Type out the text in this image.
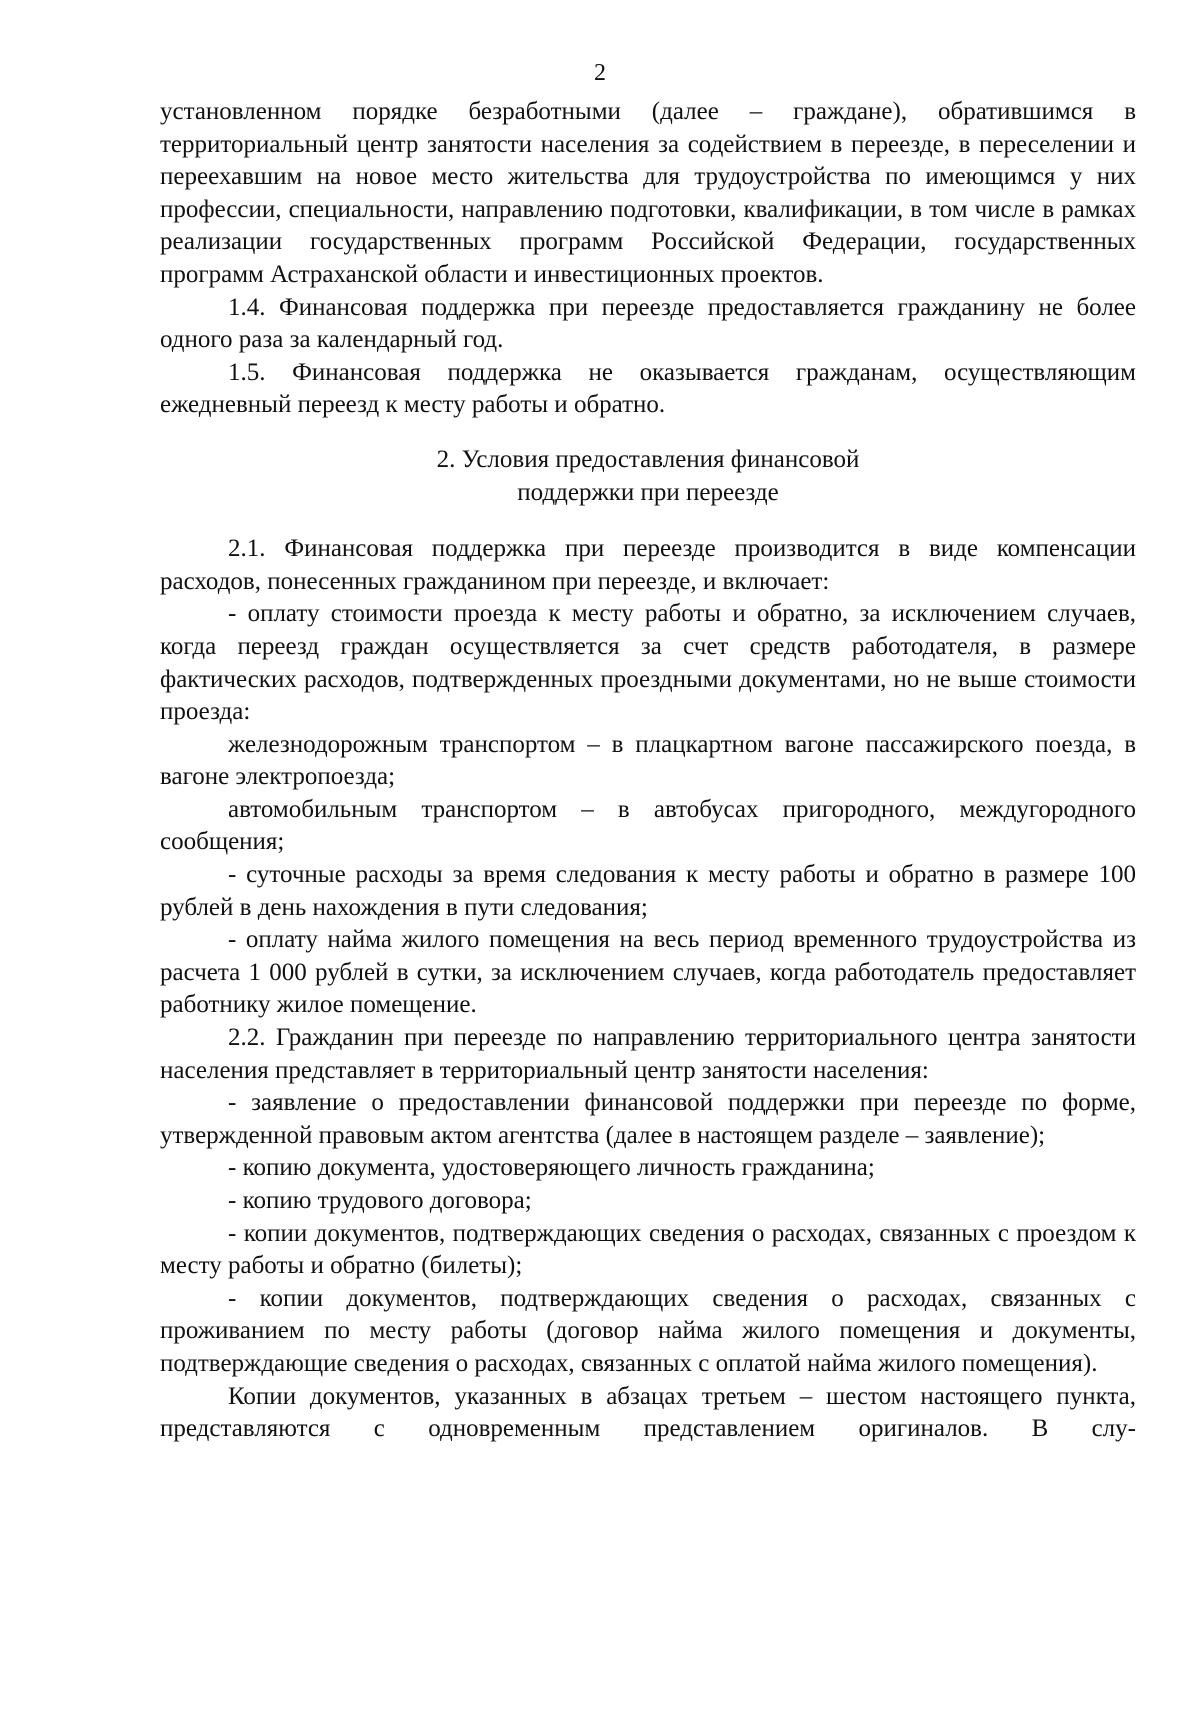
2

установленном порядке безработными (далее – граждане), обратившимся в территориальный центр занятости населения за содействием в переезде, в переселении и переехавшим на новое место жительства для трудоустройства по имеющимся у них профессии, специальности, направлению подготовки, квалификации, в том числе в рамках реализации государственных программ Российской Федерации, государственных программ Астраханской области и инвестиционных проектов.

1.4. Финансовая поддержка при переезде предоставляется гражданину не более одного раза за календарный год.

1.5. Финансовая поддержка не оказывается гражданам, осуществляющим ежедневный переезд к месту работы и обратно.

2. Условия предоставления финансовой
поддержки при переезде

2.1. Финансовая поддержка при переезде производится в виде компенсации расходов, понесенных гражданином при переезде, и включает:

- оплату стоимости проезда к месту работы и обратно, за исключением случаев, когда переезд граждан осуществляется за счет средств работодателя, в размере фактических расходов, подтвержденных проездными документами, но не выше стоимости проезда:

железнодорожным транспортом – в плацкартном вагоне пассажирского поезда, в вагоне электропоезда;

автомобильным транспортом – в автобусах пригородного, междугородного сообщения;

- суточные расходы за время следования к месту работы и обратно в размере 100 рублей в день нахождения в пути следования;

- оплату найма жилого помещения на весь период временного трудоустройства из расчета 1 000 рублей в сутки, за исключением случаев, когда работодатель предоставляет работнику жилое помещение.

2.2. Гражданин при переезде по направлению территориального центра занятости населения представляет в территориальный центр занятости населения:

- заявление о предоставлении финансовой поддержки при переезде по форме, утвержденной правовым актом агентства (далее в настоящем разделе – заявление);

- копию документа, удостоверяющего личность гражданина;

- копию трудового договора;

- копии документов, подтверждающих сведения о расходах, связанных с проездом к месту работы и обратно (билеты);

- копии документов, подтверждающих сведения о расходах, связанных с проживанием по месту работы (договор найма жилого помещения и документы, подтверждающие сведения о расходах, связанных с оплатой найма жилого помещения).

Копии документов, указанных в абзацах третьем – шестом настоящего пункта, представляются с одновременным представлением оригиналов. В слу-
